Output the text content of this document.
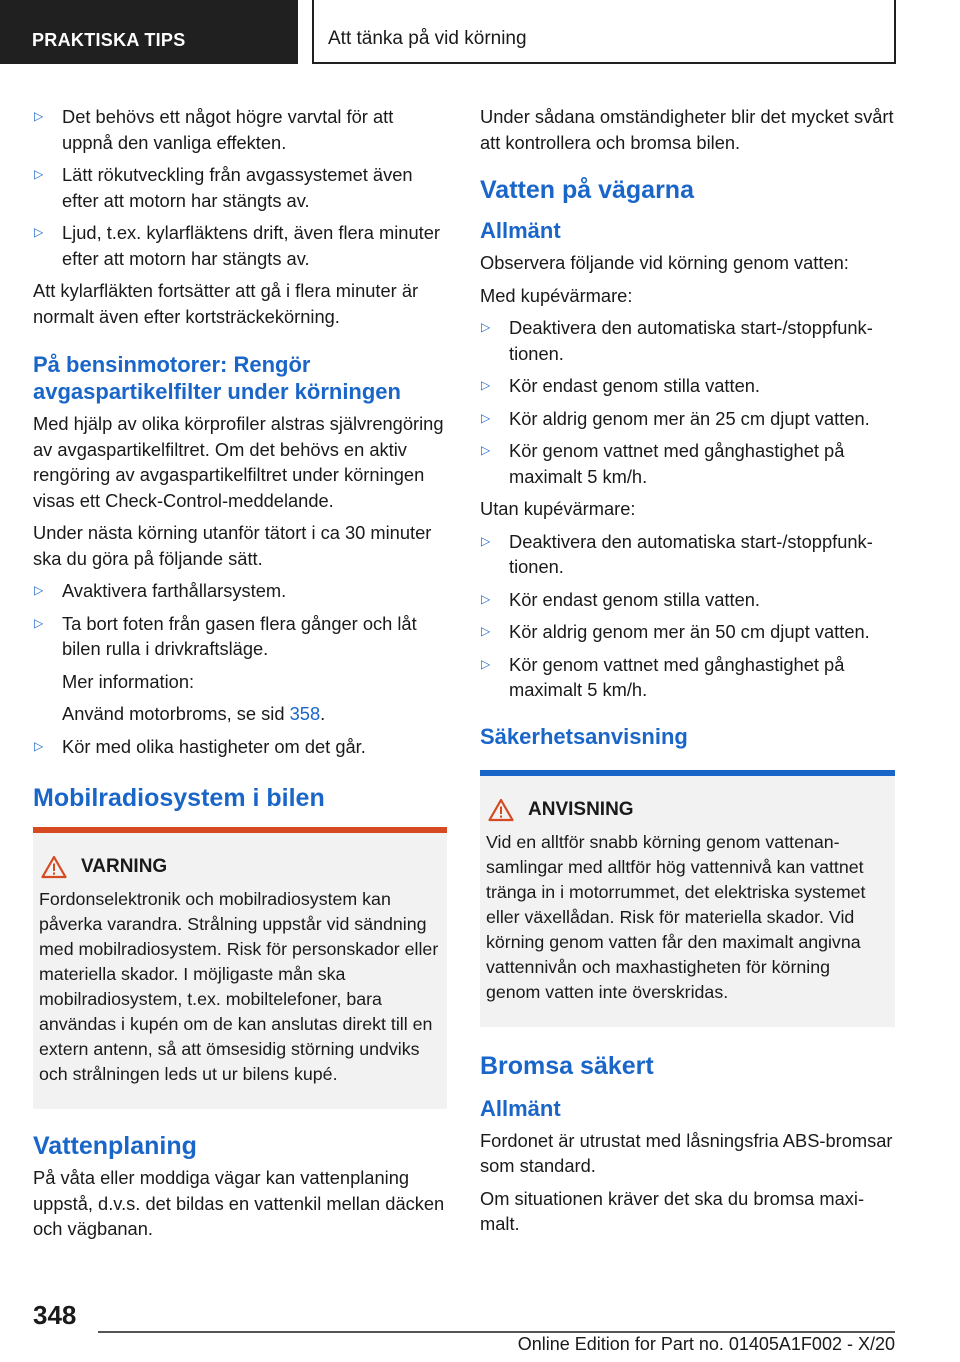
PRAKTISKA TIPS	Att tänka på vid körning
▷ Det behövs ett något högre varvtal för att uppnå den vanliga effekten.
▷ Lätt rökutveckling från avgassystemet även efter att motorn har stängts av.
▷ Ljud, t.ex. kylarfläktens drift, även flera minuter efter att motorn har stängts av.

Att kylarfläkten fortsätter att gå i flera minuter är normalt även efter kortsträckekörning.

På bensinmotorer: Rengör avgaspartikelfilter under körningen

Med hjälp av olika körprofiler alstras självrengöring av avgaspartikelfiltret. Om det behövs en aktiv rengöring av avgaspartikelfiltret under körningen visas ett Check-Control-meddelande.

Under nästa körning utanför tätort i ca 30 minuter ska du göra på följande sätt.

▷ Avaktivera farthållarsystem.
▷ Ta bort foten från gasen flera gånger och låt bilen rulla i drivkraftsläge.
Mer information:
Använd motorbroms, se sid 358.
▷ Kör med olika hastigheter om det går.
Mobilradiosystem i bilen
VARNING

Fordonselektronik och mobilradiosystem kan påverka varandra. Strålning uppstår vid sändning med mobilradiosystem. Risk för personskador eller materiella skador. I möjligaste mån ska mobilradiosystem, t.ex. mobiltelefoner, bara användas i kupén om de kan anslutas direkt till en extern antenn, så att ömsesidig störning undviks och strålningen leds ut ur bilens kupé.

Vattenplaning

På våta eller moddiga vägar kan vattenplaning uppstå, d.v.s. det bildas en vattenkil mellan däcken och vägbanan.

Under sådana omständigheter blir det mycket svårt att kontrollera och bromsa bilen.

Vatten på vägarna
Allmänt

Observera följande vid körning genom vatten:

Med kupévärmare:

▷ Deaktivera den automatiska start-/stoppfunktionen.
▷ Kör endast genom stilla vatten.
▷ Kör aldrig genom mer än 25 cm djupt vatten.
▷ Kör genom vattnet med gånghastighet på maximalt 5 km/h.

Utan kupévärmare:

▷ Deaktivera den automatiska start-/stoppfunktionen.
▷ Kör endast genom stilla vatten.
▷ Kör aldrig genom mer än 50 cm djupt vatten.
▷ Kör genom vattnet med gånghastighet på maximalt 5 km/h.
Säkerhetsanvisning
ANVISNING

Vid en alltför snabb körning genom vattenansamlingar med alltför hög vattennivå kan vattnet tränga in i motorrummet, det elektriska systemet eller växellådan. Risk för materiella skador. Vid körning genom vatten får den maximalt angivna vattennivån och maxhastigheten för körning genom vatten inte överskridas.

Bromsa säkert
Allmänt

Fordonet är utrustat med låsningsfria ABS-bromsar som standard.

Om situationen kräver det ska du bromsa maximalt.

348
Online Edition for Part no. 01405A1F002 - X/20
